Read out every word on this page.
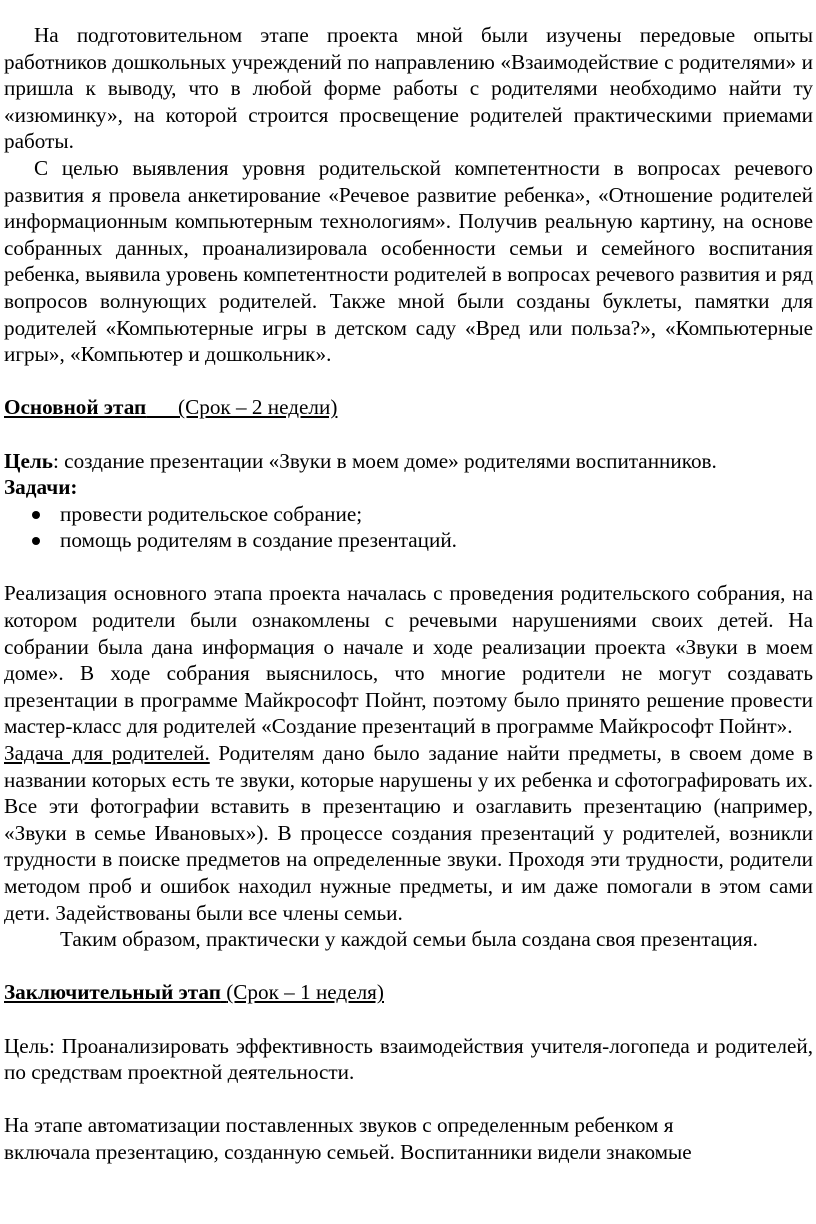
На подготовительном этапе проекта мной были изучены передовые опыты работников дошкольных учреждений по направлению «Взаимодействие с родителями» и пришла к выводу, что в любой форме работы с родителями необходимо найти ту «изюминку», на которой строится просвещение родителей практическими приемами работы.

С целью выявления уровня родительской компетентности в вопросах речевого развития я провела анкетирование «Речевое развитие ребенка», «Отношение родителей информационным компьютерным технологиям». Получив реальную картину, на основе собранных данных, проанализировала особенности семьи и семейного воспитания ребенка, выявила уровень компетентности родителей в вопросах речевого развития и ряд вопросов волнующих родителей. Также мной были созданы буклеты, памятки для родителей «Компьютерные игры в детском саду «Вред или польза?», «Компьютерные игры», «Компьютер и дошкольник».

Основной этап (Срок – 2 недели)

Цель: создание презентации «Звуки в моем доме» родителями воспитанников.

Задачи:

провести родительское собрание;
помощь родителям в создание презентаций.

Реализация основного этапа проекта началась с проведения родительского собрания, на котором родители были ознакомлены с речевыми нарушениями своих детей. На собрании была дана информация о начале и ходе реализации проекта «Звуки в моем доме». В ходе собрания выяснилось, что многие родители не могут создавать презентации в программе Майкрософт Пойнт, поэтому было принято решение провести мастер-класс для родителей «Создание презентаций в программе Майкрософт Пойнт».

Задача для родителей. Родителям дано было задание найти предметы, в своем доме в названии которых есть те звуки, которые нарушены у их ребенка и сфотографировать их. Все эти фотографии вставить в презентацию и озаглавить презентацию (например, «Звуки в семье Ивановых»). В процессе создания презентаций у родителей, возникли трудности в поиске предметов на определенные звуки. Проходя эти трудности, родители методом проб и ошибок находил нужные предметы, и им даже помогали в этом сами дети. Задействованы были все члены семьи.

Таким образом, практически у каждой семьи была создана своя презентация.

Заключительный этап (Срок – 1 неделя)

Цель: Проанализировать эффективность взаимодействия учителя-логопеда и родителей, по средствам проектной деятельности.

На этапе автоматизации поставленных звуков с определенным ребенком я

включала презентацию, созданную семьей. Воспитанники видели знакомые
